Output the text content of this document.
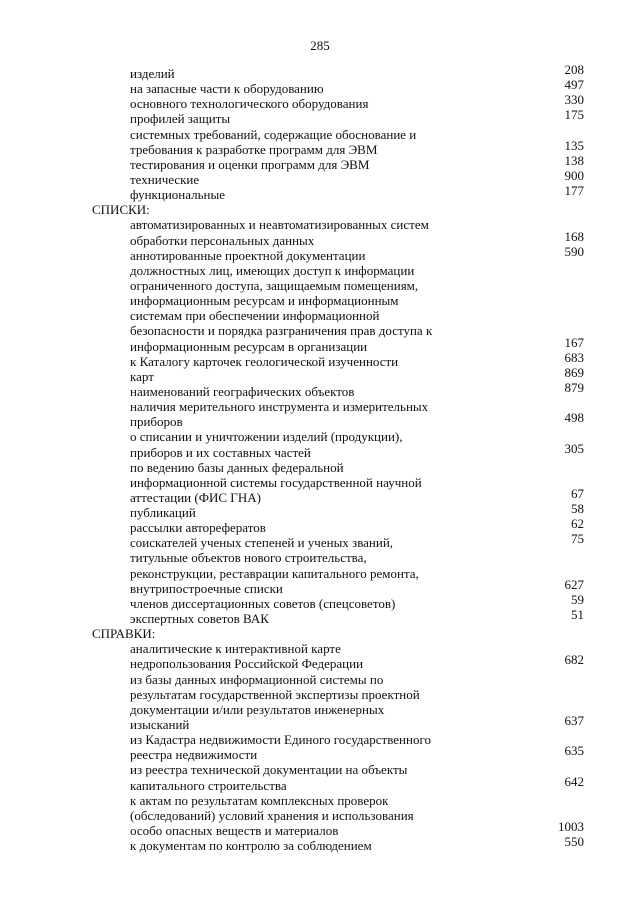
285
изделий	208
на запасные части к оборудованию	497
основного технологического оборудования	330
профилей защиты	175
системных требований, содержащие обоснование и
требования к разработке программ для ЭВМ	135
тестирования и оценки программ для ЭВМ	138
технические	900
функциональные	177
СПИСКИ:
автоматизированных и неавтоматизированных систем
обработки персональных данных	168
аннотированные проектной документации	590
должностных лиц, имеющих доступ к информации
ограниченного доступа, защищаемым помещениям,
информационным ресурсам и информационным
системам при обеспечении информационной
безопасности и порядка разграничения прав доступа к
информационным ресурсам в организации	167
к Каталогу карточек геологической изученности	683
карт	869
наименований географических объектов	879
наличия мерительного инструмента и измерительных
приборов	498
о списании и уничтожении изделий (продукции),
приборов и их составных частей	305
по ведению базы данных федеральной
информационной системы государственной научной
аттестации (ФИС ГНА)	67
публикаций	58
рассылки авторефератов	62
соискателей ученых степеней и ученых званий,	75
титульные объектов нового строительства,
реконструкции, реставрации капитального ремонта,
внутрипостроечные списки	627
членов диссертационных советов (спецсоветов)	59
экспертных советов ВАК	51
СПРАВКИ:
аналитические к интерактивной карте
недропользования Российской Федерации	682
из базы данных информационной системы по
результатам государственной экспертизы проектной
документации и/или результатов инженерных
изысканий	637
из Кадастра недвижимости Единого государственного
реестра недвижимости	635
из реестра технической документации на объекты
капитального строительства	642
к актам по результатам комплексных проверок
(обследований) условий хранения и использования
особо опасных веществ и материалов	1003
к документам по контролю за соблюдением	550
